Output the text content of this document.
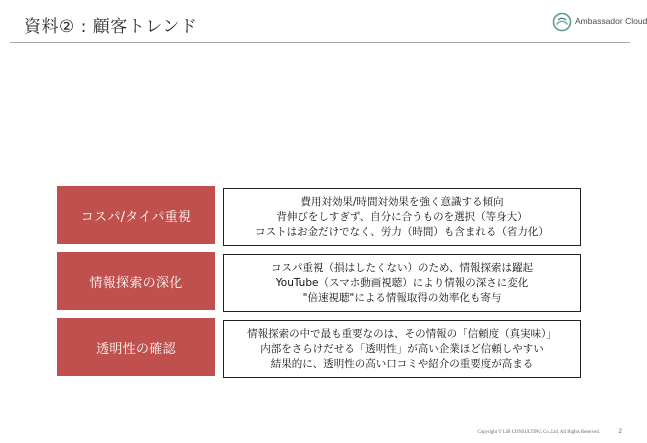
資料② : 顧客トレンド	Ambassador Cloud
コスパ/タイパ重視
費用対効果/時間対効果を強く意識する傾向
背伸びをしすぎず、自分に合うものを選択（等身大）
コストはお金だけでなく、労力（時間）も含まれる（省力化）
情報探索の深化
コスパ重視（損はしたくない）のため、情報探索は躍起
YouTube（スマホ動画視聴）により情報の深さに変化
"倍速視聴"による情報取得の効率化も寄与
透明性の確認
情報探索の中で最も重要なのは、その情報の「信頼度（真実味）」
内部をさらけだせる「透明性」が高い企業ほど信頼しやすい
結果的に、透明性の高い口コミや紹介の重要度が高まる
Copyright © LiB CONSULTING Co.,Ltd. All Rights Reserved.	2
